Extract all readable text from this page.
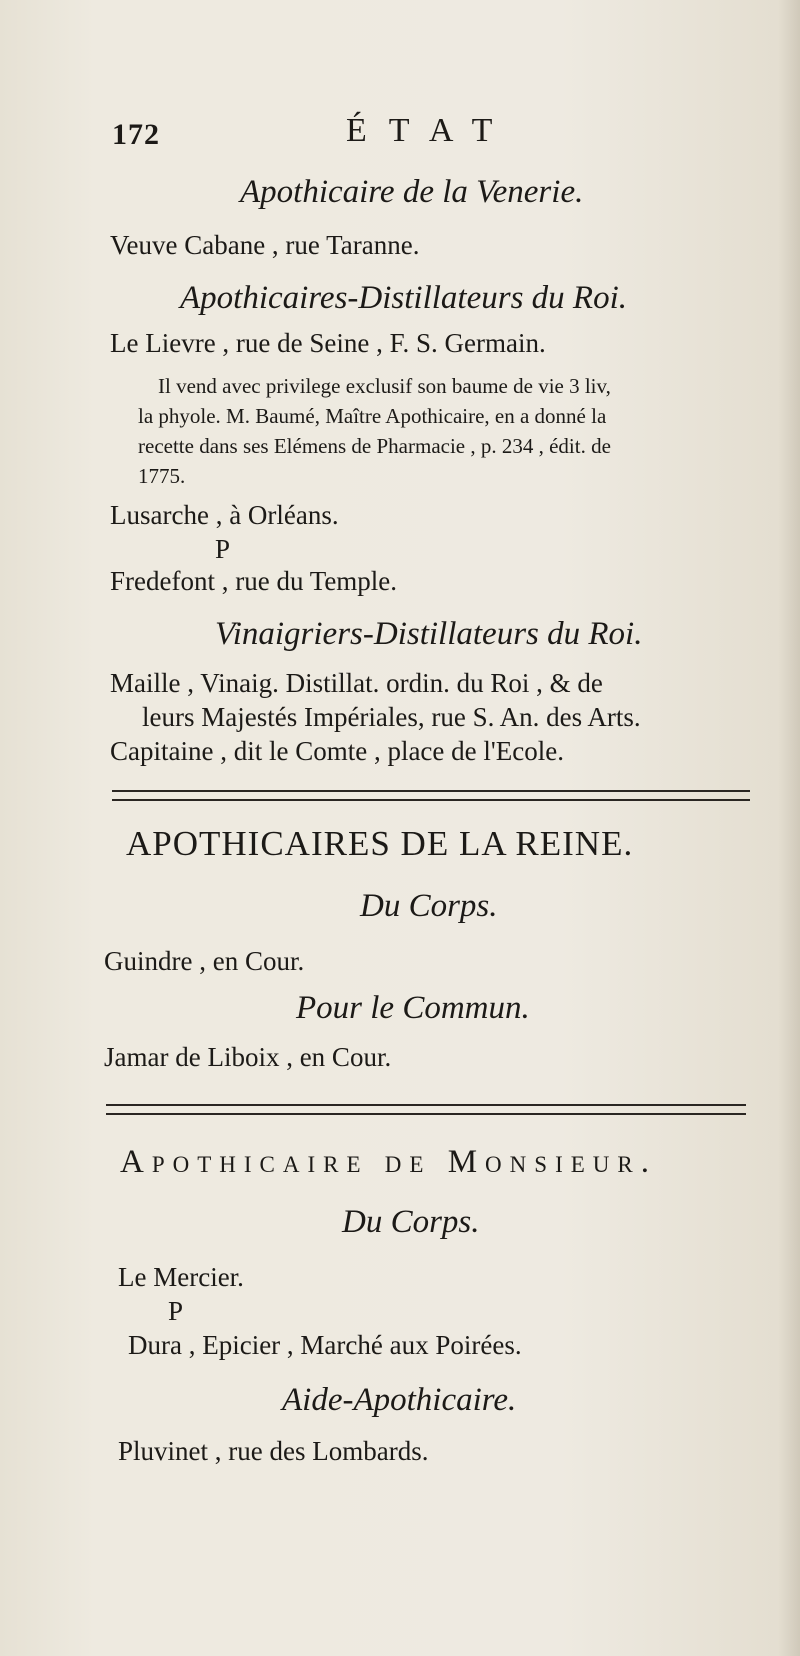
172	ÉTAT
Apothicaire de la Venerie.
Veuve Cabane , rue Taranne.
Apothicaires-Distillateurs du Roi.
Le Lievre , rue de Seine , F. S. Germain.
Il vend avec privilege exclusif son baume de vie 3 liv,
la phyole. M. Baumé, Maître Apothicaire, en a donné la
recette dans ses Elémens de Pharmacie , p. 234 , édit. de
1775.
Lusarche , à Orléans.
P
Fredefont , rue du Temple.
Vinaigriers-Distillateurs du Roi.
Maille , Vinaig. Distillat. ordin. du Roi , & de
leurs Majestés Impériales, rue S. An. des Arts.
Capitaine , dit le Comte , place de l'Ecole.
APOTHICAIRES DE LA REINE.
Du Corps.
Guindre , en Cour.
Pour le Commun.
Jamar de Liboix , en Cour.
Apothicaire de Monsieur.
Du Corps.
Le Mercier.
P
Dura , Epicier , Marché aux Poirées.
Aide-Apothicaire.
Pluvinet , rue des Lombards.
